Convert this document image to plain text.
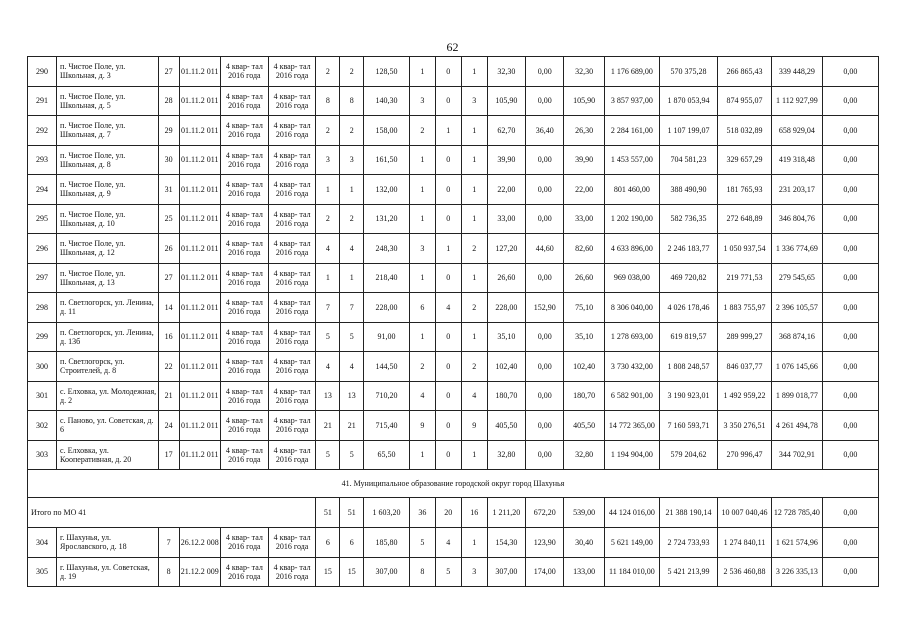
62
290	п. Чистое Поле, ул. Школьная, д. 3	27	01.11.2 011	4 квар- тал 2016 года	4 квар- тал 2016 года	2	2	128,50	1	0	1	32,30	0,00	32,30	1 176 689,00	570 375,28	266 865,43	339 448,29	0,00
291	п. Чистое Поле, ул. Школьная, д. 5	28	01.11.2 011	4 квар- тал 2016 года	4 квар- тал 2016 года	8	8	140,30	3	0	3	105,90	0,00	105,90	3 857 937,00	1 870 053,94	874 955,07	1 112 927,99	0,00
292	п. Чистое Поле, ул. Школьная, д. 7	29	01.11.2 011	4 квар- тал 2016 года	4 квар- тал 2016 года	2	2	158,00	2	1	1	62,70	36,40	26,30	2 284 161,00	1 107 199,07	518 032,89	658 929,04	0,00
293	п. Чистое Поле, ул. Школьная, д. 8	30	01.11.2 011	4 квар- тал 2016 года	4 квар- тал 2016 года	3	3	161,50	1	0	1	39,90	0,00	39,90	1 453 557,00	704 581,23	329 657,29	419 318,48	0,00
294	п. Чистое Поле, ул. Школьная, д. 9	31	01.11.2 011	4 квар- тал 2016 года	4 квар- тал 2016 года	1	1	132,00	1	0	1	22,00	0,00	22,00	801 460,00	388 490,90	181 765,93	231 203,17	0,00
295	п. Чистое Поле, ул. Школьная, д. 10	25	01.11.2 011	4 квар- тал 2016 года	4 квар- тал 2016 года	2	2	131,20	1	0	1	33,00	0,00	33,00	1 202 190,00	582 736,35	272 648,89	346 804,76	0,00
296	п. Чистое Поле, ул. Школьная, д. 12	26	01.11.2 011	4 квар- тал 2016 года	4 квар- тал 2016 года	4	4	248,30	3	1	2	127,20	44,60	82,60	4 633 896,00	2 246 183,77	1 050 937,54	1 336 774,69	0,00
297	п. Чистое Поле, ул. Школьная, д. 13	27	01.11.2 011	4 квар- тал 2016 года	4 квар- тал 2016 года	1	1	218,40	1	0	1	26,60	0,00	26,60	969 038,00	469 720,82	219 771,53	279 545,65	0,00
298	п. Светлогорск, ул. Ленина, д. 11	14	01.11.2 011	4 квар- тал 2016 года	4 квар- тал 2016 года	7	7	228,00	6	4	2	228,00	152,90	75,10	8 306 040,00	4 026 178,46	1 883 755,97	2 396 105,57	0,00
299	п. Светлогорск, ул. Ленина, д. 13б	16	01.11.2 011	4 квар- тал 2016 года	4 квар- тал 2016 года	5	5	91,00	1	0	1	35,10	0,00	35,10	1 278 693,00	619 819,57	289 999,27	368 874,16	0,00
300	п. Светлогорск, ул. Строителей, д. 8	22	01.11.2 011	4 квар- тал 2016 года	4 квар- тал 2016 года	4	4	144,50	2	0	2	102,40	0,00	102,40	3 730 432,00	1 808 248,57	846 037,77	1 076 145,66	0,00
301	с. Елховка, ул. Молодежная, д. 2	21	01.11.2 011	4 квар- тал 2016 года	4 квар- тал 2016 года	13	13	710,20	4	0	4	180,70	0,00	180,70	6 582 901,00	3 190 923,01	1 492 959,22	1 899 018,77	0,00
302	с. Паново, ул. Советская, д. 6	24	01.11.2 011	4 квар- тал 2016 года	4 квар- тал 2016 года	21	21	715,40	9	0	9	405,50	0,00	405,50	14 772 365,00	7 160 593,71	3 350 276,51	4 261 494,78	0,00
303	с. Елховка, ул. Кооперативная, д. 20	17	01.11.2 011	4 квар- тал 2016 года	4 квар- тал 2016 года	5	5	65,50	1	0	1	32,80	0,00	32,80	1 194 904,00	579 204,62	270 996,47	344 702,91	0,00
41. Муниципальное образование городской округ город Шахунья																			
Итого по МО 41						51	51	1 603,20	36	20	16	1 211,20	672,20	539,00	44 124 016,00	21 388 190,14	10 007 040,46	12 728 785,40	0,00
304	г. Шахунья, ул. Ярославского, д. 18	7	26.12.2 008	4 квар- тал 2016 года	4 квар- тал 2016 года	6	6	185,80	5	4	1	154,30	123,90	30,40	5 621 149,00	2 724 733,93	1 274 840,11	1 621 574,96	0,00
305	г. Шахунья, ул. Советская, д. 19	8	21.12.2 009	4 квар- тал 2016 года	4 квар- тал 2016 года	15	15	307,00	8	5	3	307,00	174,00	133,00	11 184 010,00	5 421 213,99	2 536 460,88	3 226 335,13	0,00
